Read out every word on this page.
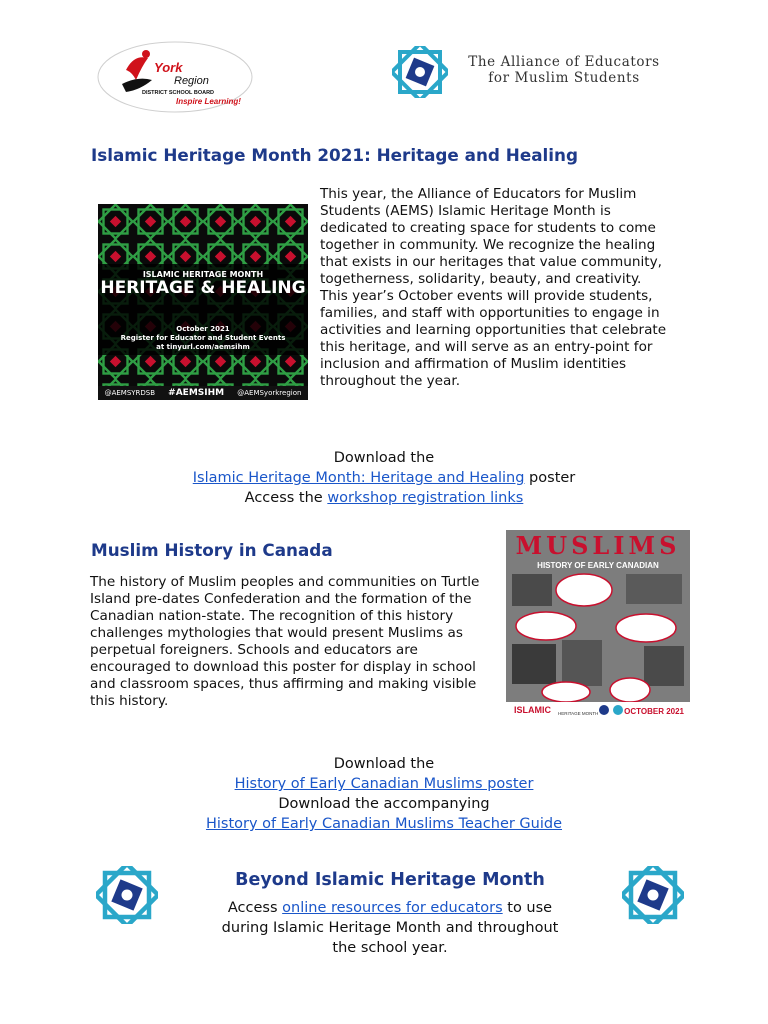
York
Region
DISTRICT SCHOOL BOARD
Inspire Learning!
The Alliance of Educators
for Muslim Students
Islamic Heritage Month 2021: Heritage and Healing
ISLAMIC HERITAGE MONTH
HERITAGE & HEALING
October 2021
Register for Educator and Student Events
at tinyurl.com/aemsihm
@AEMSYRDSB #AEMSIHM @AEMSyorkregion
This year, the Alliance of Educators for Muslim Students (AEMS) Islamic Heritage Month is dedicated to creating space for students to come together in community. We recognize the healing that exists in our heritages that value community, togetherness, solidarity, beauty, and creativity.
This year’s October events will provide students, families, and staff with opportunities to engage in activities and learning opportunities that celebrate this heritage, and will serve as an entry-point for inclusion and affirmation of Muslim identities throughout the year.
Download the
Islamic Heritage Month: Heritage and Healing poster
Access the workshop registration links
Muslim History in Canada
The history of Muslim peoples and communities on Turtle Island pre-dates Confederation and the formation of the Canadian nation-state. The recognition of this history challenges mythologies that would present Muslims as perpetual foreigners. Schools and educators are encouraged to download this poster for display in school and classroom spaces, thus affirming and making visible this history.
MUSLIMS
HISTORY OF EARLY CANADIAN
ISLAMIC HERITAGE MONTH	OCTOBER 2021
Download the
History of Early Canadian Muslims poster
Download the accompanying
History of Early Canadian Muslims Teacher Guide
Beyond Islamic Heritage Month
Access online resources for educators to use
during Islamic Heritage Month and throughout
the school year.
